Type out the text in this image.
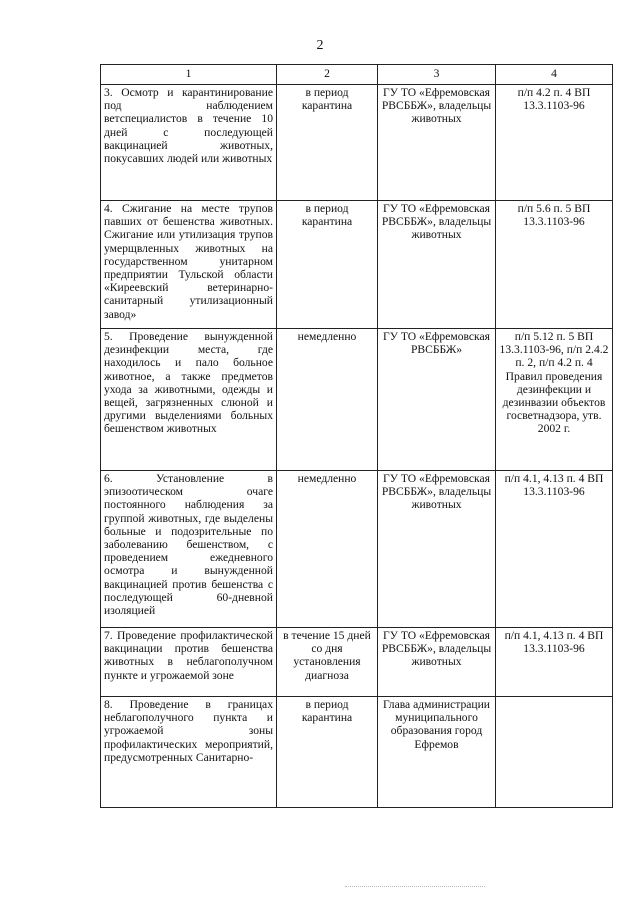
2
1	2	3	4
3. Осмотр и карантинирование под наблюдением ветспециалистов в течение 10 дней с последующей вакцинацией животных, покусавших людей или животных	в период карантина	ГУ ТО «Ефремовская РВСББЖ», владельцы животных	п/п 4.2 п. 4 ВП 13.3.1103-96
4. Сжигание на месте трупов павших от бешенства животных. Сжигание или утилизация трупов умерщвленных животных на государственном унитарном предприятии Тульской области «Киреевский ветеринарно-санитарный утилизационный завод»	в период карантина	ГУ ТО «Ефремовская РВСББЖ», владельцы животных	п/п 5.6 п. 5 ВП 13.3.1103-96
5. Проведение вынужденной дезинфекции места, где находилось и пало больное животное, а также предметов ухода за животными, одежды и вещей, загрязненных слюной и другими выделениями больных бешенством животных	немедленно	ГУ ТО «Ефремовская РВСББЖ»	п/п 5.12 п. 5 ВП 13.3.1103-96, п/п 2.4.2 п. 2, п/п 4.2 п. 4 Правил проведения дезинфекции и дезинвазии объектов госветнадзора, утв. 2002 г.
6. Установление в эпизоотическом очаге постоянного наблюдения за группой животных, где выделены больные и подозрительные по заболеванию бешенством, с проведением ежедневного осмотра и вынужденной вакцинацией против бешенства с последующей 60-дневной изоляцией	немедленно	ГУ ТО «Ефремовская РВСББЖ», владельцы животных	п/п 4.1, 4.13 п. 4 ВП 13.3.1103-96
7. Проведение профилактической вакцинации против бешенства животных в неблагополучном пункте и угрожаемой зоне	в течение 15 дней со дня установления диагноза	ГУ ТО «Ефремовская РВСББЖ», владельцы животных	п/п 4.1, 4.13 п. 4 ВП 13.3.1103-96
8. Проведение в границах неблагополучного пункта и угрожаемой зоны профилактических мероприятий, предусмотренных Санитарно-	в период карантина	Глава администрации муниципального образования город Ефремов	
